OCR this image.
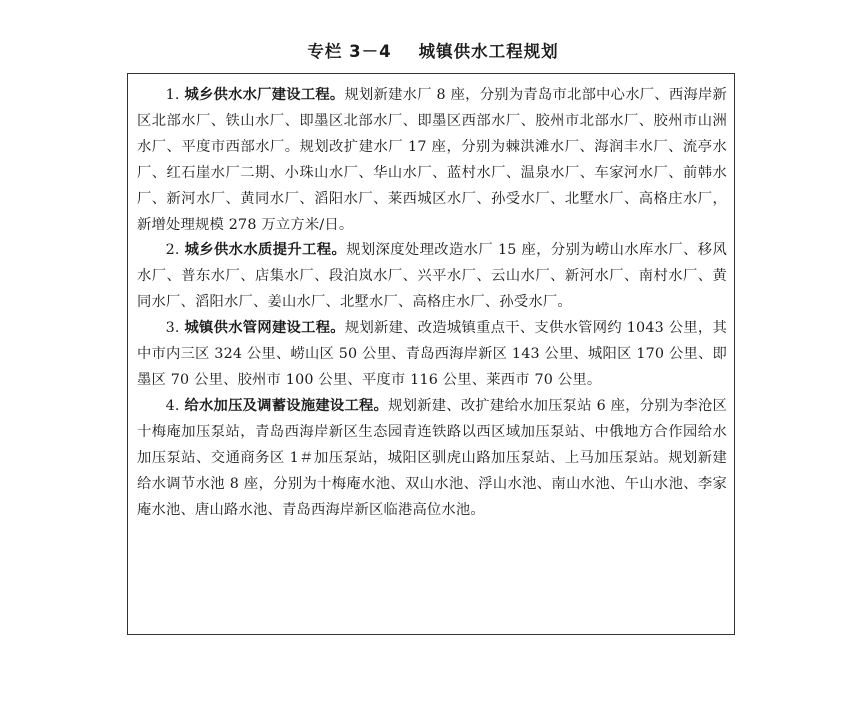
专栏 3－4    城镇供水工程规划

1. 城乡供水水厂建设工程。规划新建水厂 8 座，分别为青岛市北部中心水厂、西海岸新区北部水厂、铁山水厂、即墨区北部水厂、即墨区西部水厂、胶州市北部水厂、胶州市山洲水厂、平度市西部水厂。规划改扩建水厂 17 座，分别为棘洪滩水厂、海润丰水厂、流亭水厂、红石崖水厂二期、小珠山水厂、华山水厂、蓝村水厂、温泉水厂、车家河水厂、前韩水厂、新河水厂、黄同水厂、滔阳水厂、莱西城区水厂、孙受水厂、北墅水厂、高格庄水厂，新增处理规模 278 万立方米/日。

2. 城乡供水水质提升工程。规划深度处理改造水厂 15 座，分别为崂山水库水厂、移风水厂、普东水厂、店集水厂、段泊岚水厂、兴平水厂、云山水厂、新河水厂、南村水厂、黄同水厂、滔阳水厂、姜山水厂、北墅水厂、高格庄水厂、孙受水厂。

3. 城镇供水管网建设工程。规划新建、改造城镇重点干、支供水管网约 1043 公里，其中市内三区 324 公里、崂山区 50 公里、青岛西海岸新区 143 公里、城阳区 170 公里、即墨区 70 公里、胶州市 100 公里、平度市 116 公里、莱西市 70 公里。

4. 给水加压及调蓄设施建设工程。规划新建、改扩建给水加压泵站 6 座，分别为李沧区十梅庵加压泵站，青岛西海岸新区生态园青连铁路以西区域加压泵站、中俄地方合作园给水加压泵站、交通商务区 1＃加压泵站，城阳区驯虎山路加压泵站、上马加压泵站。规划新建给水调节水池 8 座，分别为十梅庵水池、双山水池、浮山水池、南山水池、午山水池、李家庵水池、唐山路水池、青岛西海岸新区临港高位水池。
